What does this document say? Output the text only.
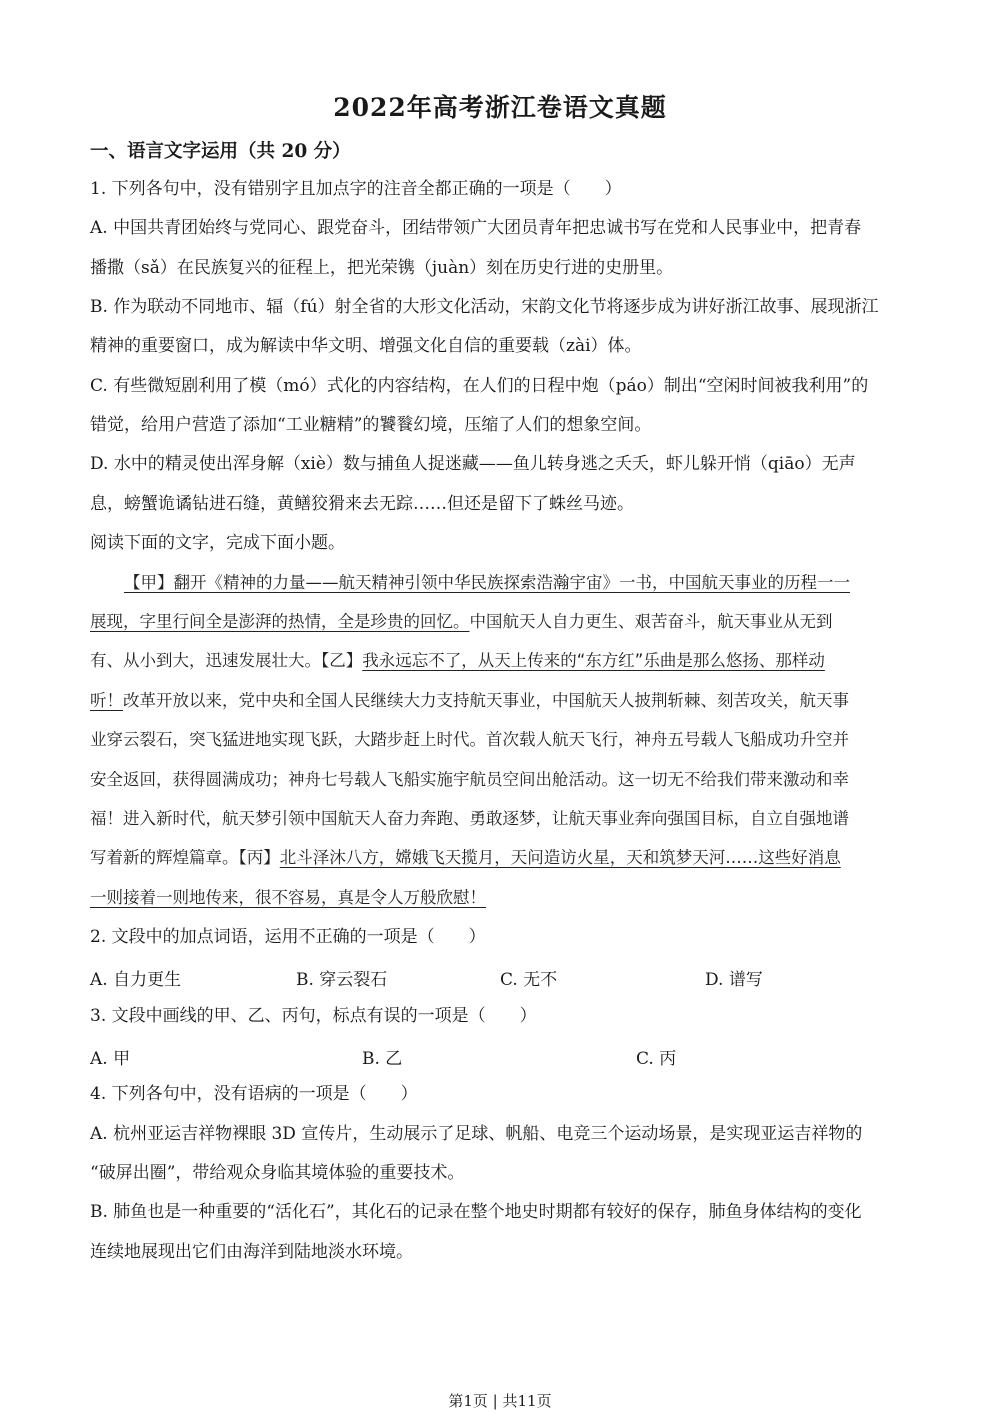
2022年高考浙江卷语文真题
一、语言文字运用（共 20 分）
1. 下列各句中，没有错别字且加点字的注音全都正确的一项是（　　）
A. 中国共青团始终与党同心、跟党奋斗，团结带领广大团员青年把忠诚书写在党和人民事业中，把青春
播撒（sǎ）在民族复兴的征程上，把光荣镌（juàn）刻在历史行进的史册里。
B. 作为联动不同地市、辐（fú）射全省的大形文化活动，宋韵文化节将逐步成为讲好浙江故事、展现浙江
精神的重要窗口，成为解读中华文明、增强文化自信的重要载（zài）体。
C. 有些微短剧利用了模（mó）式化的内容结构，在人们的日程中炮（páo）制出“空闲时间被我利用”的
错觉，给用户营造了添加“工业糖精”的饕餮幻境，压缩了人们的想象空间。
D. 水中的精灵使出浑身解（xiè）数与捕鱼人捉迷藏——鱼儿转身逃之夭夭，虾儿躲开悄（qiāo）无声
息，螃蟹诡谲钻进石缝，黄鳝狡猾来去无踪……但还是留下了蛛丝马迹。
阅读下面的文字，完成下面小题。
【甲】翻开《精神的力量——航天精神引领中华民族探索浩瀚宇宙》一书，中国航天事业的历程一一
展现，字里行间全是澎湃的热情，全是珍贵的回忆。中国航天人自力更生、艰苦奋斗，航天事业从无到
有、从小到大，迅速发展壮大。【乙】我永远忘不了，从天上传来的“东方红”乐曲是那么悠扬、那样动
听！改革开放以来，党中央和全国人民继续大力支持航天事业，中国航天人披荆斩棘、刻苦攻关，航天事
业穿云裂石，突飞猛进地实现飞跃，大踏步赶上时代。首次载人航天飞行，神舟五号载人飞船成功升空并
安全返回，获得圆满成功；神舟七号载人飞船实施宇航员空间出舱活动。这一切无不给我们带来激动和幸
福！进入新时代，航天梦引领中国航天人奋力奔跑、勇敢逐梦，让航天事业奔向强国目标，自立自强地谱
写着新的辉煌篇章。【丙】北斗泽沐八方，嫦娥飞天揽月，天问造访火星，天和筑梦天河……这些好消息
一则接着一则地传来，很不容易，真是令人万般欣慰！
2. 文段中的加点词语，运用不正确的一项是（　　）
A. 自力更生	B. 穿云裂石	C. 无不	D. 谱写
3. 文段中画线的甲、乙、丙句，标点有误的一项是（　　）
A. 甲	B. 乙	C. 丙
4. 下列各句中，没有语病的一项是（　　）
A. 杭州亚运吉祥物裸眼 3D 宣传片，生动展示了足球、帆船、电竞三个运动场景，是实现亚运吉祥物的
“破屏出圈”，带给观众身临其境体验的重要技术。
B. 肺鱼也是一种重要的“活化石”，其化石的记录在整个地史时期都有较好的保存，肺鱼身体结构的变化
连续地展现出它们由海洋到陆地淡水环境。
第1页 | 共11页
